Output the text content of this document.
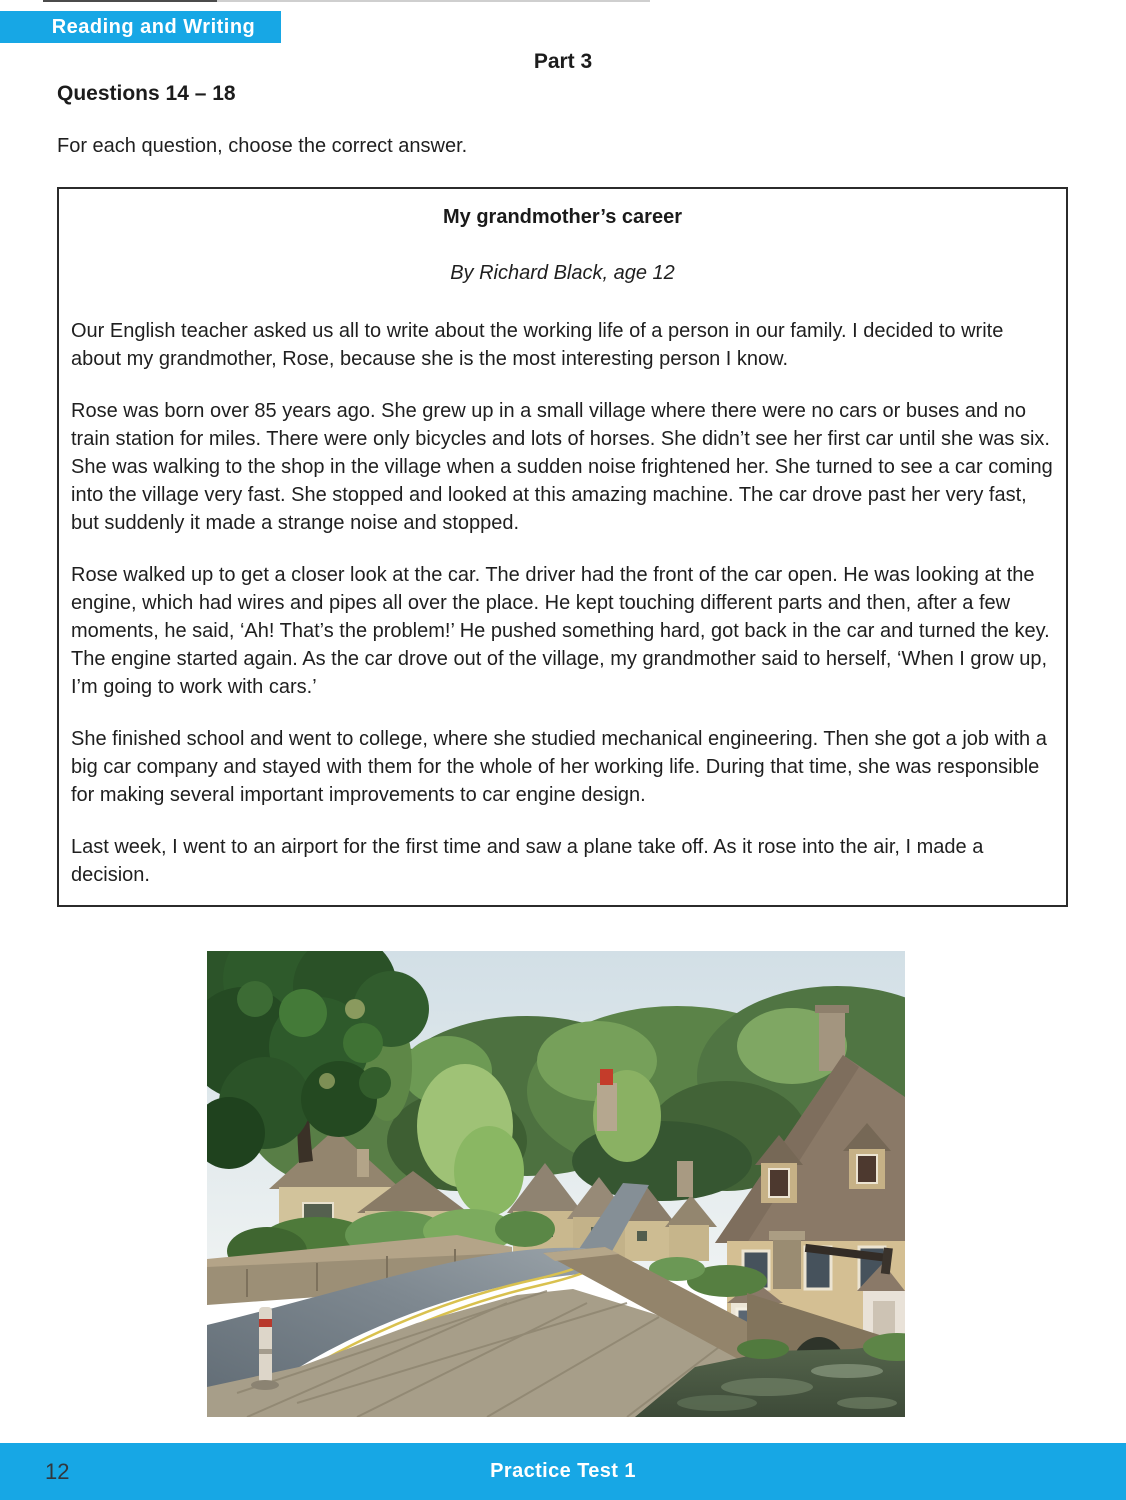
Reading and Writing
Part 3
Questions 14 – 18
For each question, choose the correct answer.
My grandmother’s career
By Richard Black, age 12

Our English teacher asked us all to write about the working life of a person in our family. I decided to write about my grandmother, Rose, because she is the most interesting person I know.

Rose was born over 85 years ago. She grew up in a small village where there were no cars or buses and no train station for miles. There were only bicycles and lots of horses. She didn’t see her first car until she was six. She was walking to the shop in the village when a sudden noise frightened her. She turned to see a car coming into the village very fast. She stopped and looked at this amazing machine. The car drove past her very fast, but suddenly it made a strange noise and stopped.

Rose walked up to get a closer look at the car. The driver had the front of the car open. He was looking at the engine, which had wires and pipes all over the place. He kept touching different parts and then, after a few moments, he said, ‘Ah! That’s the problem!’ He pushed something hard, got back in the car and turned the key. The engine started again. As the car drove out of the village, my grandmother said to herself, ‘When I grow up, I’m going to work with cars.’

She finished school and went to college, where she studied mechanical engineering. Then she got a job with a big car company and stayed with them for the whole of her working life. During that time, she was responsible for making several important improvements to car engine design.

Last week, I went to an airport for the first time and saw a plane take off. As it rose into the air, I made a decision.

12	Practice Test 1
